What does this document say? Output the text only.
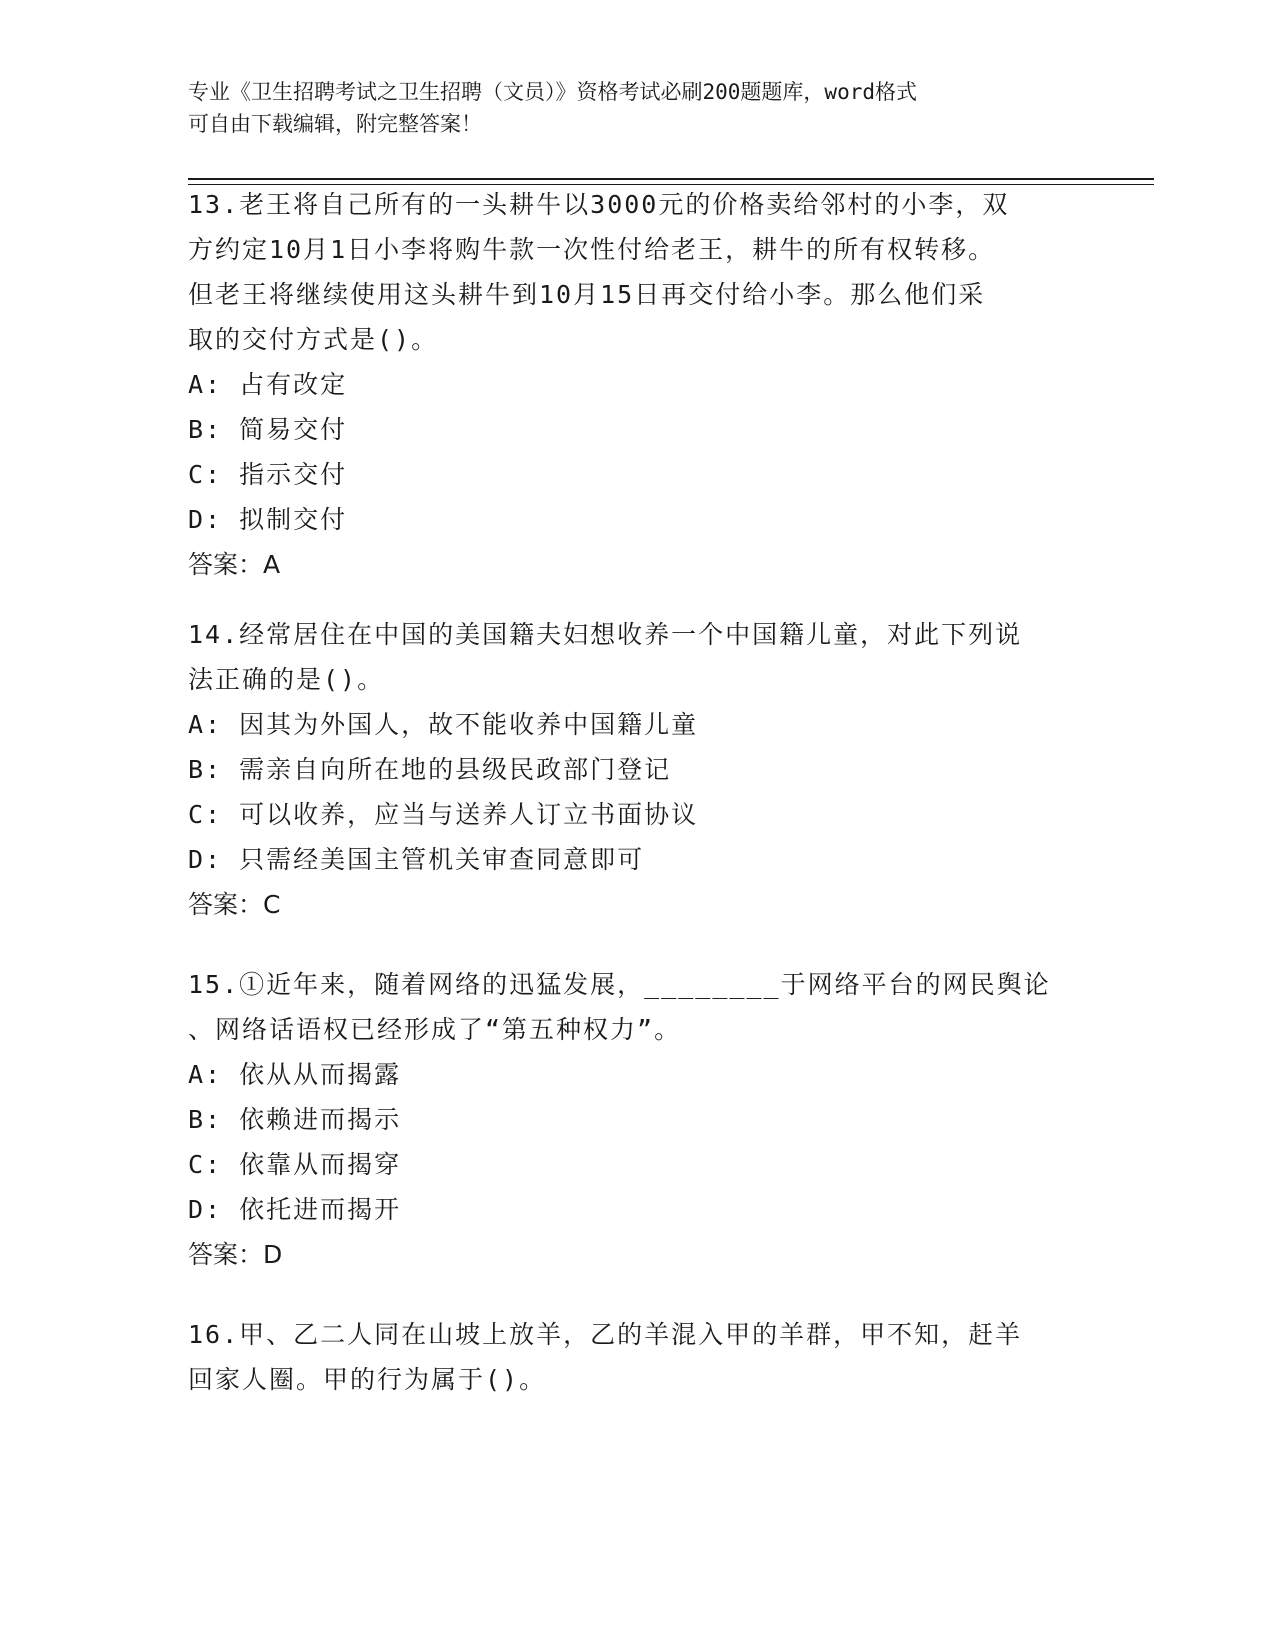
专业《卫生招聘考试之卫生招聘（文员）》资格考试必刷200题题库，word格式

可自由下载编辑，附完整答案！

13.老王将自己所有的一头耕牛以3000元的价格卖给邻村的小李，双

方约定10月1日小李将购牛款一次性付给老王，耕牛的所有权转移。

但老王将继续使用这头耕牛到10月15日再交付给小李。那么他们采

取的交付方式是()。

A: 占有改定

B: 简易交付

C: 指示交付

D: 拟制交付

答案：A

14.经常居住在中国的美国籍夫妇想收养一个中国籍儿童，对此下列说

法正确的是()。

A: 因其为外国人，故不能收养中国籍儿童

B: 需亲自向所在地的县级民政部门登记

C: 可以收养，应当与送养人订立书面协议

D: 只需经美国主管机关审查同意即可

答案：C

15.①近年来，随着网络的迅猛发展，________于网络平台的网民舆论

、网络话语权已经形成了“第五种权力”。

A: 依从从而揭露

B: 依赖进而揭示

C: 依靠从而揭穿

D: 依托进而揭开

答案：D

16.甲、乙二人同在山坡上放羊，乙的羊混入甲的羊群，甲不知，赶羊

回家人圈。甲的行为属于()。
